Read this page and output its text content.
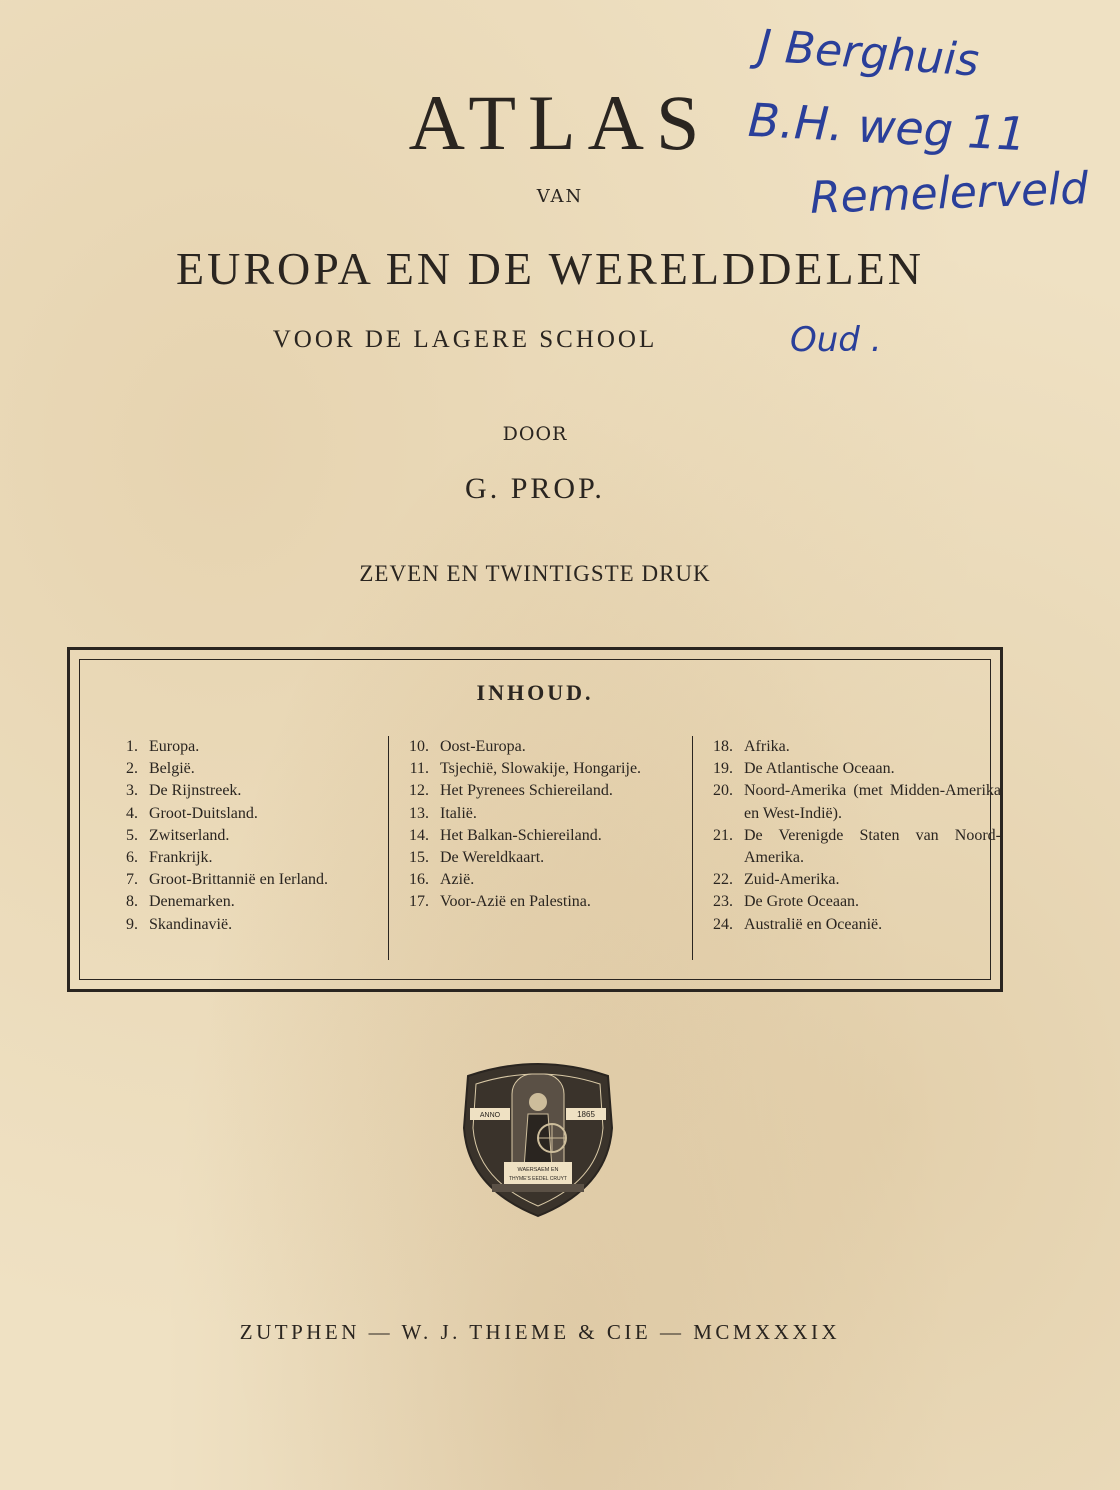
ATLAS
VAN
EUROPA EN DE WERELDDELEN
VOOR DE LAGERE SCHOOL
DOOR
G. PROP.
ZEVEN EN TWINTIGSTE DRUK
J Berghuis
B.H. weg 11
Remelerveld
Oud .
INHOUD.
1. Europa.
2. België.
3. De Rijnstreek.
4. Groot-Duitsland.
5. Zwitserland.
6. Frankrijk.
7. Groot-Brittannië en Ierland.
8. Denemarken.
9. Skandinavië.
10. Oost-Europa.
11. Tsjechië, Slowakije, Hongarije.
12. Het Pyrenees Schiereiland.
13. Italië.
14. Het Balkan-Schiereiland.
15. De Wereldkaart.
16. Azië.
17. Voor-Azië en Palestina.
18. Afrika.
19. De Atlantische Oceaan.
20. Noord-Amerika (met Midden-Amerika en West-Indië).
21. De Verenigde Staten van Noord-Amerika.
22. Zuid-Amerika.
23. De Grote Oceaan.
24. Australië en Oceanië.
ANNO	1865
WAERSAEM EN
THYME'S EEDEL CRUYT
ZUTPHEN — W. J. THIEME & CIE — MCMXXXIX
